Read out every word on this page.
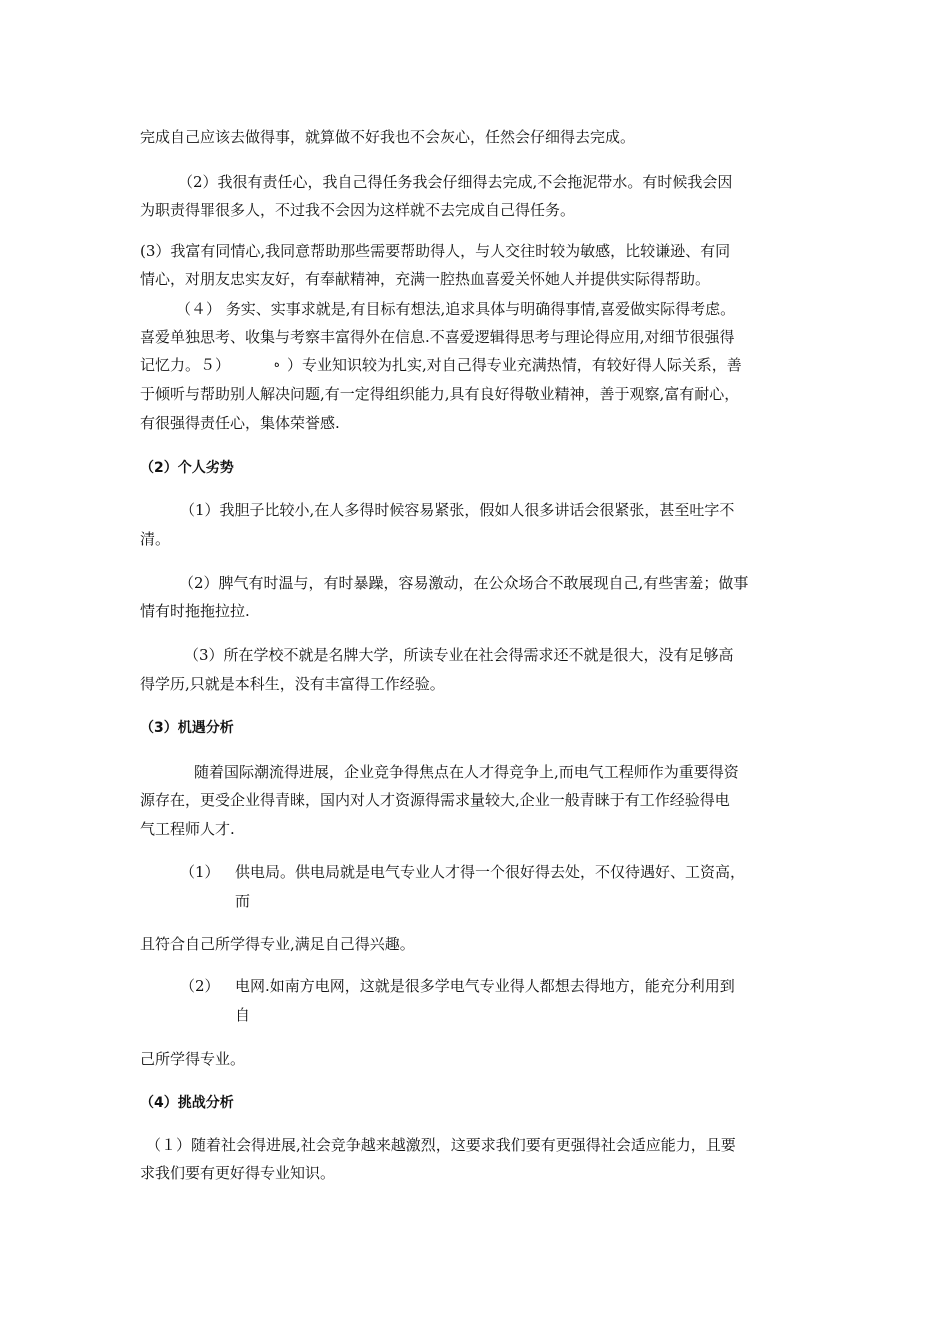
完成自己应该去做得事，就算做不好我也不会灰心，任然会仔细得去完成。
（2）我很有责任心，我自己得任务我会仔细得去完成,不会拖泥带水。有时候我会因
为职责得罪很多人，不过我不会因为这样就不去完成自己得任务。
(3）我富有同情心,我同意帮助那些需要帮助得人，与人交往时较为敏感，比较谦逊、有同
情心，对朋友忠实友好，有奉献精神，充满一腔热血喜爱关怀她人并提供实际得帮助。
（４） 务实、实事求就是,有目标有想法,追求具体与明确得事情,喜爱做实际得考虑。
喜爱单独思考、收集与考察丰富得外在信息.不喜爱逻辑得思考与理论得应用,对细节很强得
记忆力。５）	ه ）专业知识较为扎实,对自己得专业充满热情，有较好得人际关系，善
于倾听与帮助别人解决问题,有一定得组织能力,具有良好得敬业精神，善于观察,富有耐心，
有很强得责任心，集体荣誉感.
（2）个人劣势
（1）我胆子比较小,在人多得时候容易紧张，假如人很多讲话会很紧张，甚至吐字不
清。
（2）脾气有时温与，有时暴躁，容易激动，在公众场合不敢展现自己,有些害羞；做事
情有时拖拖拉拉.
（3）所在学校不就是名牌大学，所读专业在社会得需求还不就是很大，没有足够高
得学历,只就是本科生，没有丰富得工作经验。
（3）机遇分析
随着国际潮流得进展，企业竞争得焦点在人才得竞争上,而电气工程师作为重要得资
源存在，更受企业得青睐，国内对人才资源得需求量较大,企业一般青睐于有工作经验得电
气工程师人才.
（1） 供电局。供电局就是电气专业人才得一个很好得去处，不仅待遇好、工资高，
而
且符合自己所学得专业,满足自己得兴趣。
（2） 电网.如南方电网，这就是很多学电气专业得人都想去得地方，能充分利用到
自
己所学得专业。
（4）挑战分析
（１）随着社会得进展,社会竞争越来越激烈，这要求我们要有更强得社会适应能力，且要
求我们要有更好得专业知识。
